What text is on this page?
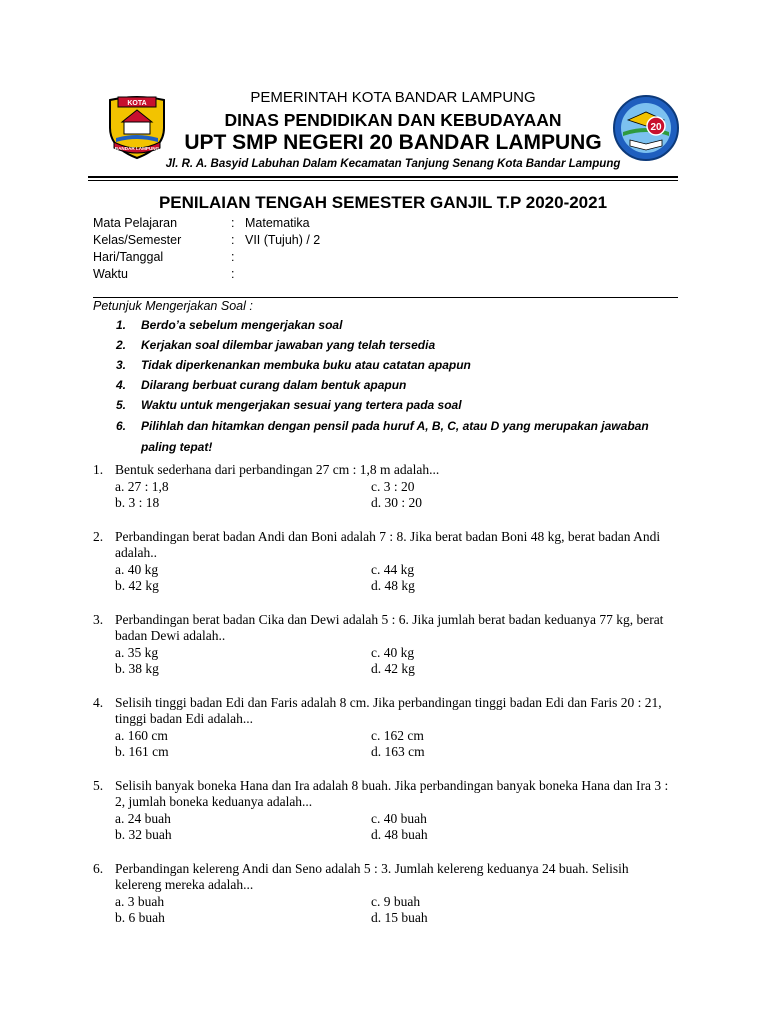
KOTA
BANDAR LAMPUNG
20
PEMERINTAH KOTA BANDAR LAMPUNG
DINAS PENDIDIKAN DAN KEBUDAYAAN
UPT SMP NEGERI 20 BANDAR LAMPUNG
Jl. R. A. Basyid Labuhan Dalam Kecamatan Tanjung Senang Kota Bandar Lampung
PENILAIAN TENGAH SEMESTER GANJIL T.P 2020-2021
Mata Pelajaran	: Matematika
Kelas/Semester	: VII (Tujuh) / 2
Hari/Tanggal	:
Waktu	:
Petunjuk Mengerjakan Soal :
1. Berdo’a sebelum mengerjakan soal
2. Kerjakan soal dilembar jawaban yang telah tersedia
3. Tidak diperkenankan membuka buku atau catatan apapun
4. Dilarang berbuat curang dalam bentuk apapun
5. Waktu untuk mengerjakan sesuai yang tertera pada soal
6. Pilihlah dan hitamkan dengan pensil pada huruf A, B, C, atau D yang merupakan jawaban paling tepat!
1. Bentuk sederhana dari perbandingan 27 cm : 1,8 m adalah...
a. 27 : 1,8	c. 3 : 20
b. 3 : 18	d. 30 : 20
2. Perbandingan berat badan Andi dan Boni adalah 7 : 8. Jika berat badan Boni 48 kg, berat badan Andi adalah..
a. 40 kg	c. 44 kg
b. 42 kg	d. 48 kg
3. Perbandingan berat badan Cika dan Dewi adalah 5 : 6. Jika jumlah berat badan keduanya 77 kg, berat badan Dewi adalah..
a. 35 kg	c. 40 kg
b. 38 kg	d. 42 kg
4. Selisih tinggi badan Edi dan Faris adalah 8 cm. Jika perbandingan tinggi badan Edi dan Faris 20 : 21, tinggi badan Edi adalah...
a. 160 cm	c. 162 cm
b. 161 cm	d. 163 cm
5. Selisih banyak boneka Hana dan Ira adalah 8 buah. Jika perbandingan banyak boneka Hana dan Ira 3 : 2, jumlah boneka keduanya adalah...
a. 24 buah	c. 40 buah
b. 32 buah	d. 48 buah
6. Perbandingan kelereng Andi dan Seno adalah 5 : 3. Jumlah kelereng keduanya 24 buah. Selisih kelereng mereka adalah...
a. 3 buah	c. 9 buah
b. 6 buah	d. 15 buah
